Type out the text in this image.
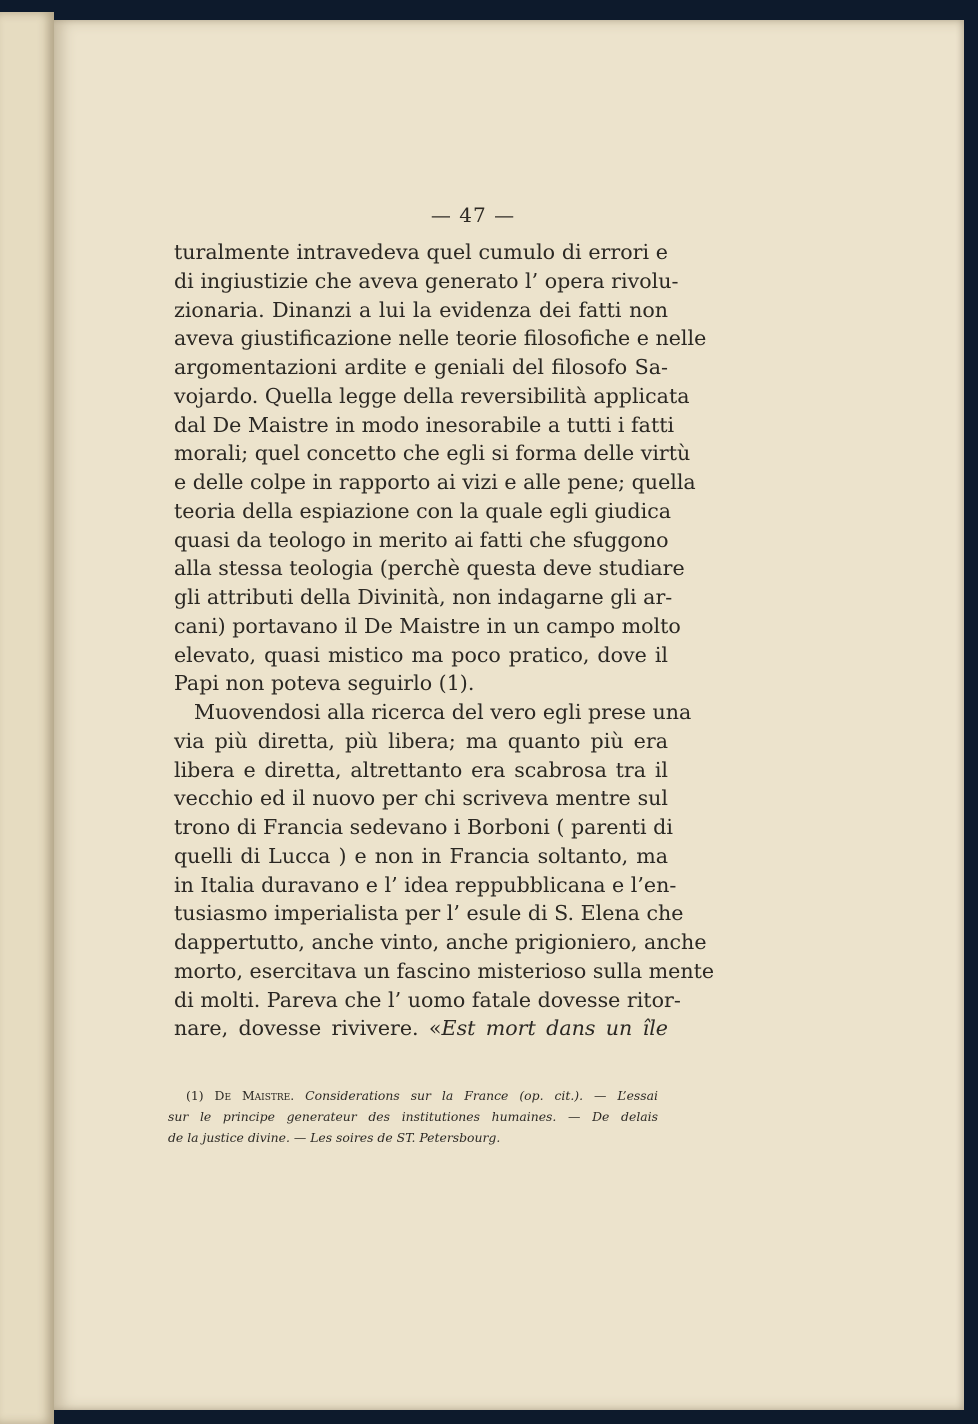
— 47 —
turalmente intravedeva quel cumulo di errori e
di ingiustizie che aveva generato l’ opera rivolu-
zionaria. Dinanzi a lui la evidenza dei fatti non
aveva giustificazione nelle teorie filosofiche e nelle
argomentazioni ardite e geniali del filosofo Sa-
vojardo. Quella legge della reversibilità applicata
dal De Maistre in modo inesorabile a tutti i fatti
morali; quel concetto che egli si forma delle virtù
e delle colpe in rapporto ai vizi e alle pene; quella
teoria della espiazione con la quale egli giudica
quasi da teologo in merito ai fatti che sfuggono
alla stessa teologia (perchè questa deve studiare
gli attributi della Divinità, non indagarne gli ar-
cani) portavano il De Maistre in un campo molto
elevato, quasi mistico ma poco pratico, dove il
Papi non poteva seguirlo (1).
Muovendosi alla ricerca del vero egli prese una
via più diretta, più libera; ma quanto più era
libera e diretta, altrettanto era scabrosa tra il
vecchio ed il nuovo per chi scriveva mentre sul
trono di Francia sedevano i Borboni ( parenti di
quelli di Lucca ) e non in Francia soltanto, ma
in Italia duravano e l’ idea reppubblicana e l’en-
tusiasmo imperialista per l’ esule di S. Elena che
dappertutto, anche vinto, anche prigioniero, anche
morto, esercitava un fascino misterioso sulla mente
di molti. Pareva che l’ uomo fatale dovesse ritor-
nare, dovesse rivivere. «Est mort dans un île
(1) De Maistre. Considerations sur la France (op. cit.). — L’essai
sur le principe generateur des institutiones humaines. — De delais
de la justice divine. — Les soires de ST. Petersbourg.
